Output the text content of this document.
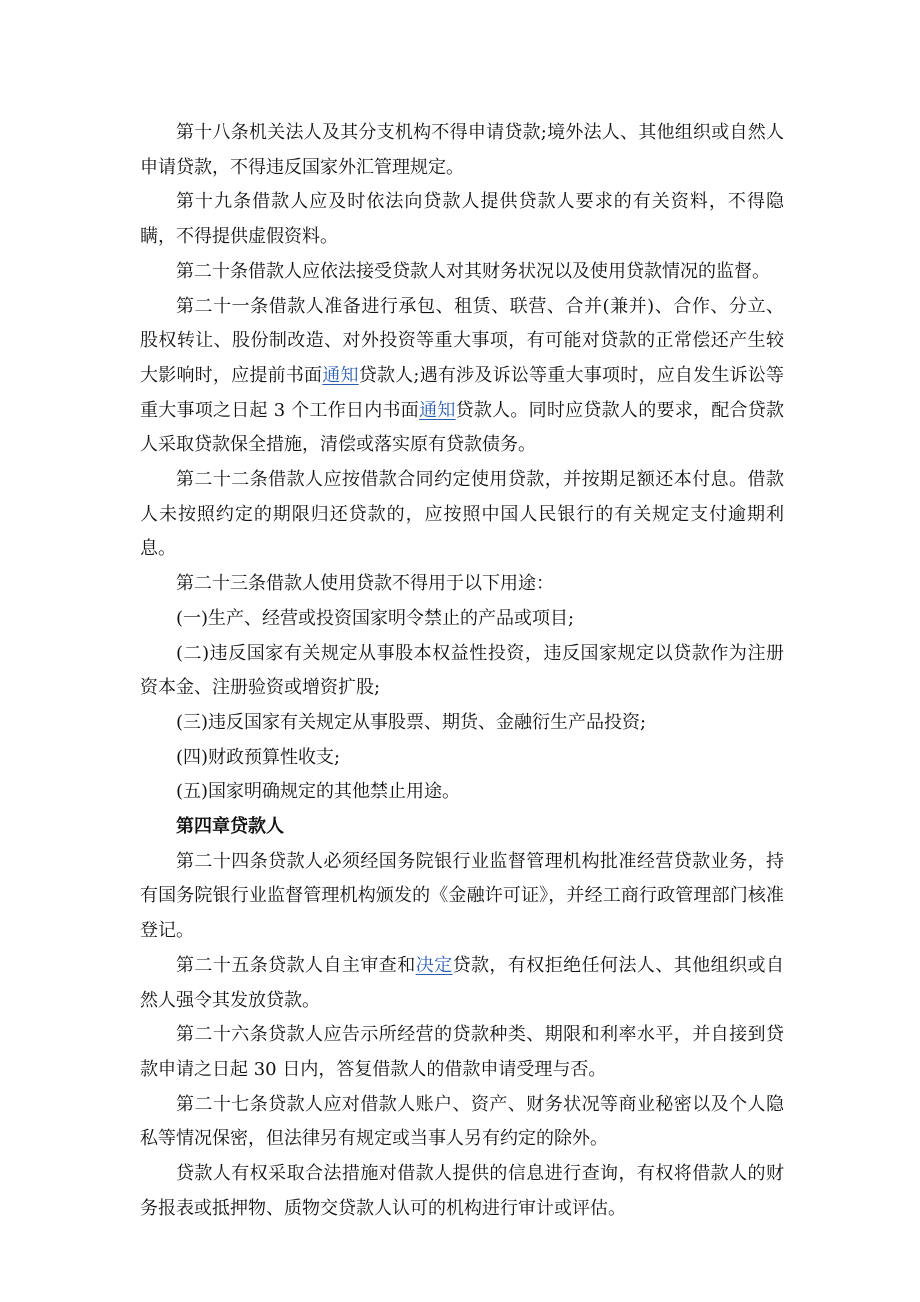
第十八条机关法人及其分支机构不得申请贷款;境外法人、其他组织或自然人申请贷款，不得违反国家外汇管理规定。

第十九条借款人应及时依法向贷款人提供贷款人要求的有关资料，不得隐瞒，不得提供虚假资料。

第二十条借款人应依法接受贷款人对其财务状况以及使用贷款情况的监督。

第二十一条借款人准备进行承包、租赁、联营、合并(兼并)、合作、分立、股权转让、股份制改造、对外投资等重大事项，有可能对贷款的正常偿还产生较大影响时，应提前书面通知贷款人;遇有涉及诉讼等重大事项时，应自发生诉讼等重大事项之日起 3 个工作日内书面通知贷款人。同时应贷款人的要求，配合贷款人采取贷款保全措施，清偿或落实原有贷款债务。

第二十二条借款人应按借款合同约定使用贷款，并按期足额还本付息。借款人未按照约定的期限归还贷款的，应按照中国人民银行的有关规定支付逾期利息。

第二十三条借款人使用贷款不得用于以下用途：

(一)生产、经营或投资国家明令禁止的产品或项目;

(二)违反国家有关规定从事股本权益性投资，违反国家规定以贷款作为注册资本金、注册验资或增资扩股;

(三)违反国家有关规定从事股票、期货、金融衍生产品投资;

(四)财政预算性收支;

(五)国家明确规定的其他禁止用途。

第四章贷款人

第二十四条贷款人必须经国务院银行业监督管理机构批准经营贷款业务，持有国务院银行业监督管理机构颁发的《金融许可证》，并经工商行政管理部门核准登记。

第二十五条贷款人自主审查和决定贷款，有权拒绝任何法人、其他组织或自然人强令其发放贷款。

第二十六条贷款人应告示所经营的贷款种类、期限和利率水平，并自接到贷款申请之日起 30 日内，答复借款人的借款申请受理与否。

第二十七条贷款人应对借款人账户、资产、财务状况等商业秘密以及个人隐私等情况保密，但法律另有规定或当事人另有约定的除外。

贷款人有权采取合法措施对借款人提供的信息进行查询，有权将借款人的财务报表或抵押物、质物交贷款人认可的机构进行审计或评估。
